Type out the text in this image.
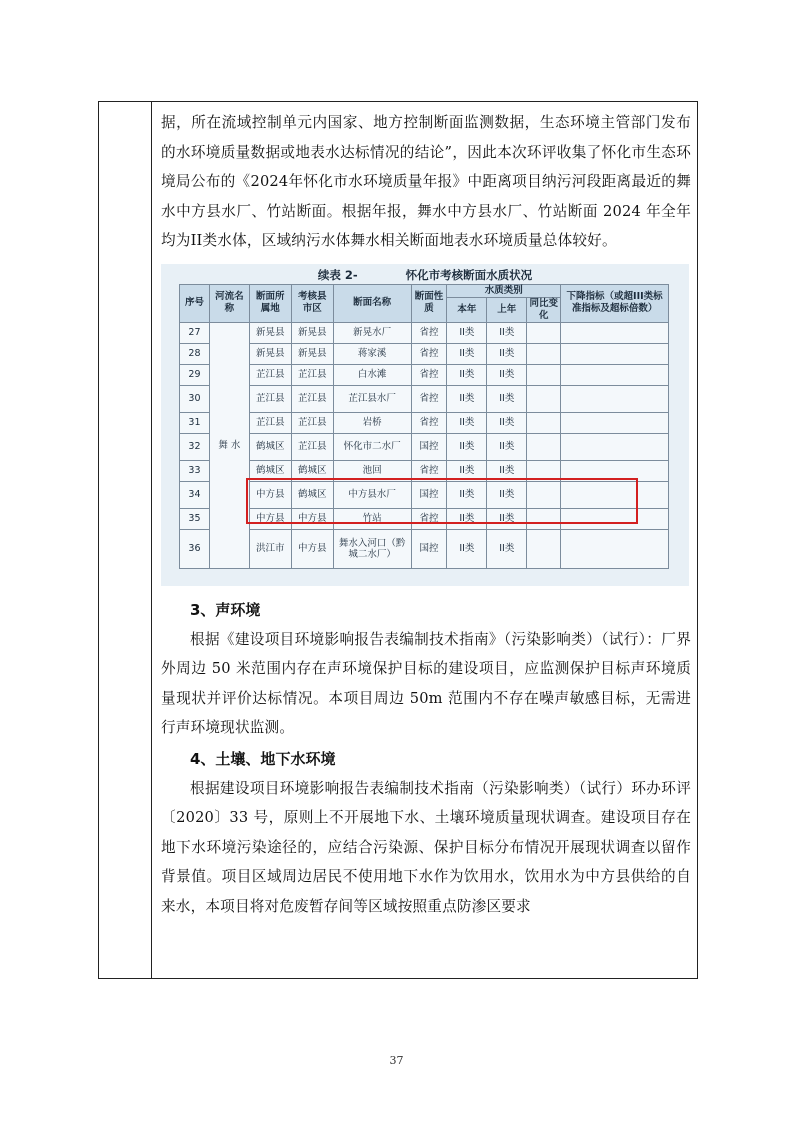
据，所在流域控制单元内国家、地方控制断面监测数据，生态环境主管部门发布的水环境质量数据或地表水达标情况的结论”，因此本次环评收集了怀化市生态环境局公布的《2024年怀化市水环境质量年报》中距离项目纳污河段距离最近的舞水中方县水厂、竹站断面。根据年报，舞水中方县水厂、竹站断面 2024 年全年均为II类水体，区域纳污水体舞水相关断面地表水环境质量总体较好。

续表 2-	怀化市考核断面水质状况
序号	河流名称	断面所属地	考核县市区	断面名称	断面性质	水质类别			下降指标（或超III类标准指标及超标倍数）
						本年	上年	同比变化	
27	舞 水	新晃县	新晃县	新晃水厂	省控	II类	II类		
28		新晃县	新晃县	蒋家溪	省控	II类	II类		
29		芷江县	芷江县	白水滩	省控	II类	II类		
30		芷江县	芷江县	芷江县水厂	省控	II类	II类		
31		芷江县	芷江县	岩桥	省控	II类	II类		
32		鹤城区	芷江县	怀化市二水厂	国控	II类	II类		
33		鹤城区	鹤城区	池回	省控	II类	II类		
34		中方县	鹤城区	中方县水厂	国控	II类	II类		
35		中方县	中方县	竹站	省控	II类	II类		
36		洪江市	中方县	舞水入河口（黔城二水厂）	国控	II类	II类		
3、声环境

根据《建设项目环境影响报告表编制技术指南》（污染影响类）（试行）：厂界外周边 50 米范围内存在声环境保护目标的建设项目，应监测保护目标声环境质量现状并评价达标情况。本项目周边 50m 范围内不存在噪声敏感目标，无需进行声环境现状监测。

4、土壤、地下水环境

根据建设项目环境影响报告表编制技术指南（污染影响类）（试行）环办环评〔2020〕33 号，原则上不开展地下水、土壤环境质量现状调查。建设项目存在地下水环境污染途径的，应结合污染源、保护目标分布情况开展现状调查以留作背景值。项目区域周边居民不使用地下水作为饮用水，饮用水为中方县供给的自来水，本项目将对危废暂存间等区域按照重点防渗区要求

37
